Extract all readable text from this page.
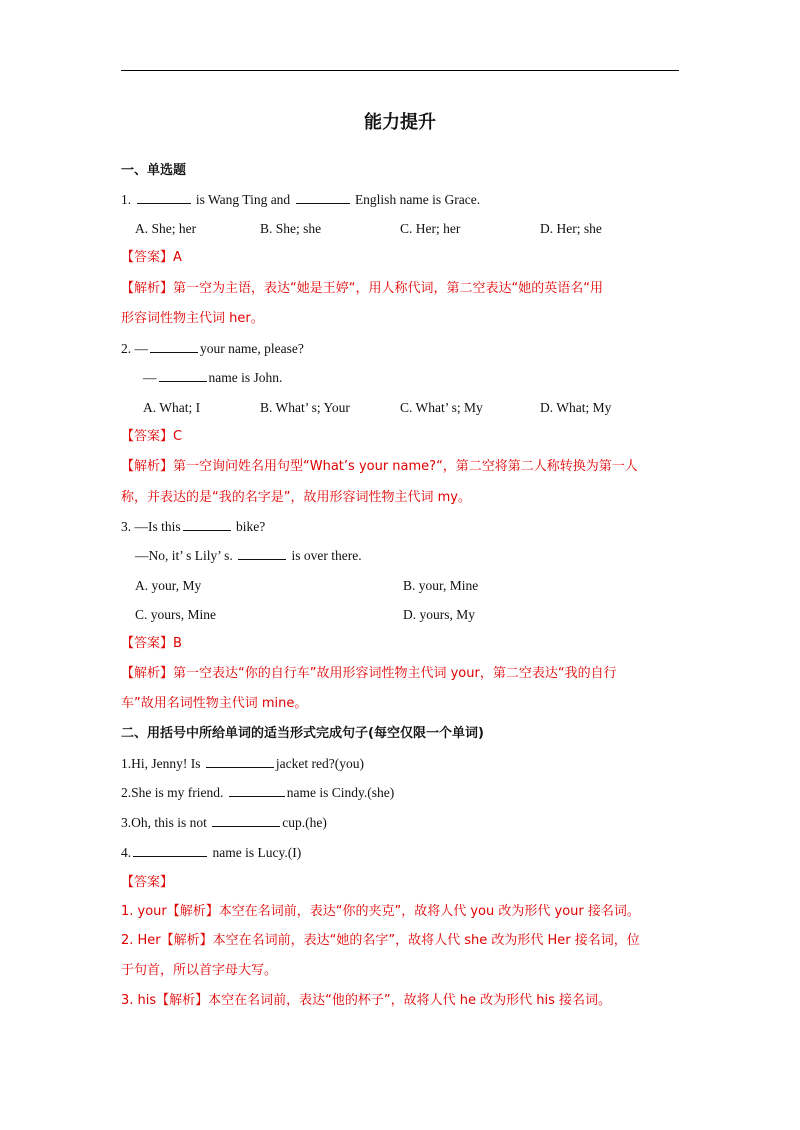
能力提升
一、单选题
1.	is Wang Ting and	English name is Grace.
A. She; her	B. She; she	C. Her; her	D. Her; she
【答案】A
【解析】第一空为主语，表达“她是王婷“，用人称代词，第二空表达“她的英语名“用
形容词性物主代词 her。
2. —	your name, please?
—	name is John.
A. What; I	B. What’ s; Your	C. What’ s; My	D. What; My
【答案】C
【解析】第一空询问姓名用句型“What’s your name?“，第二空将第二人称转换为第一人
称，并表达的是“我的名字是”，故用形容词性物主代词 my。
3. —Is this	bike?
—No, it’ s Lily’ s.	is over there.
A. your, My	B. your, Mine
C. yours, Mine	D. yours, My
【答案】B
【解析】第一空表达“你的自行车”故用形容词性物主代词 your，第二空表达“我的自行
车”故用名词性物主代词 mine。
二、用括号中所给单词的适当形式完成句子(每空仅限一个单词)
1.Hi, Jenny! Is	jacket red?(you)
2.She is my friend.	name is Cindy.(she)
3.Oh, this is not	cup.(he)
4.	name is Lucy.(I)
【答案】
1. your【解析】本空在名词前，表达“你的夹克”，故将人代 you 改为形代 your 接名词。
2. Her【解析】本空在名词前，表达“她的名字”，故将人代 she 改为形代 Her 接名词，位
于句首，所以首字母大写。
3. his【解析】本空在名词前，表达“他的杯子”，故将人代 he 改为形代 his 接名词。
